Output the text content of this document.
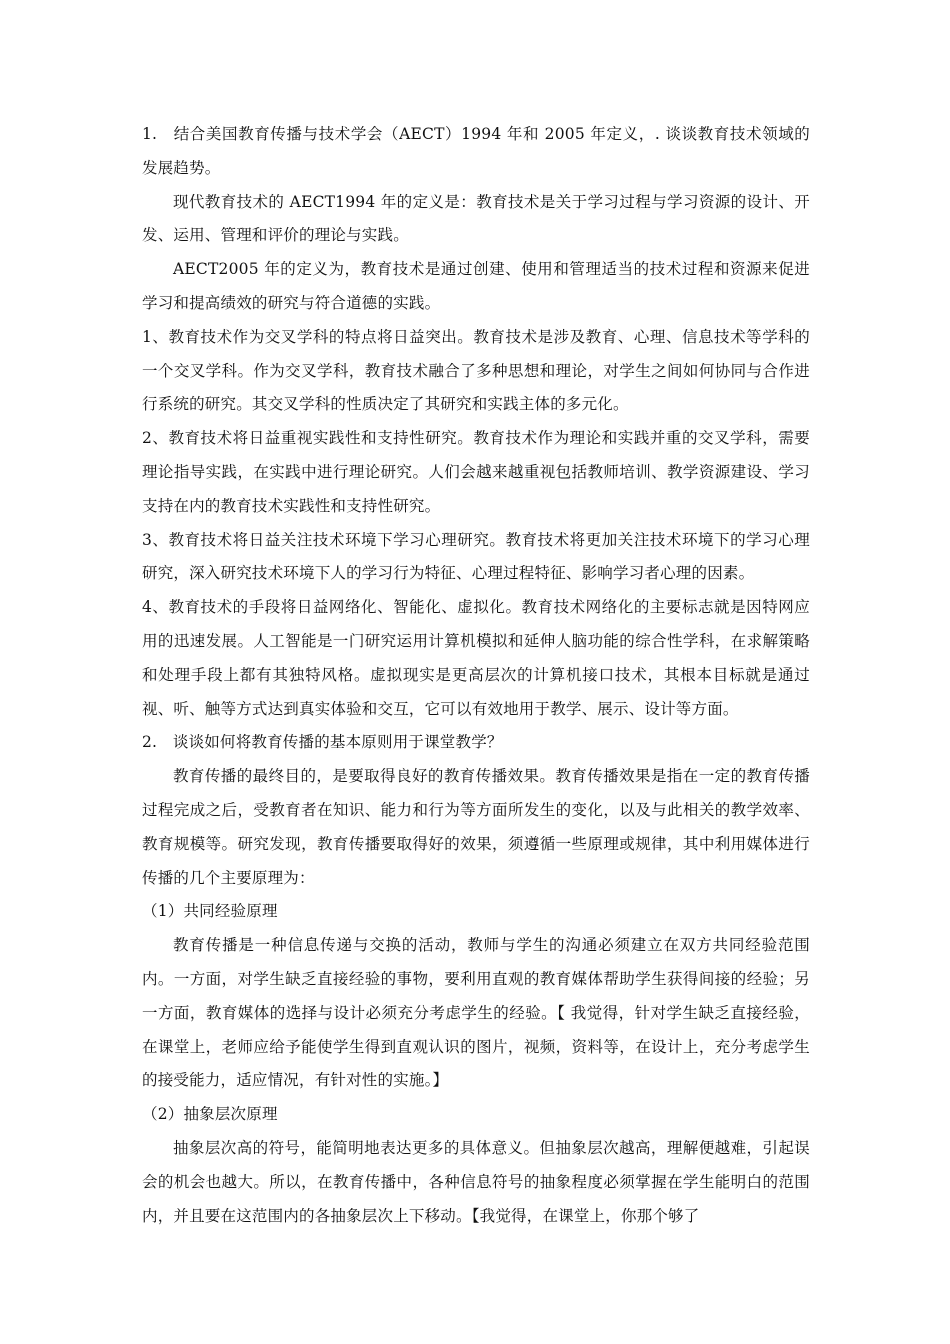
1.　结合美国教育传播与技术学会（AECT）1994 年和 2005 年定义，. 谈谈教育技术领域的发展趋势。

现代教育技术的 AECT1994 年的定义是：教育技术是关于学习过程与学习资源的设计、开发、运用、管理和评价的理论与实践。

AECT2005 年的定义为，教育技术是通过创建、使用和管理适当的技术过程和资源来促进学习和提高绩效的研究与符合道德的实践。

1、教育技术作为交叉学科的特点将日益突出。教育技术是涉及教育、心理、信息技术等学科的一个交叉学科。作为交叉学科，教育技术融合了多种思想和理论，对学生之间如何协同与合作进行系统的研究。其交叉学科的性质决定了其研究和实践主体的多元化。

2、教育技术将日益重视实践性和支持性研究。教育技术作为理论和实践并重的交叉学科，需要理论指导实践，在实践中进行理论研究。人们会越来越重视包括教师培训、教学资源建设、学习支持在内的教育技术实践性和支持性研究。

3、教育技术将日益关注技术环境下学习心理研究。教育技术将更加关注技术环境下的学习心理研究，深入研究技术环境下人的学习行为特征、心理过程特征、影响学习者心理的因素。

4、教育技术的手段将日益网络化、智能化、虚拟化。教育技术网络化的主要标志就是因特网应用的迅速发展。人工智能是一门研究运用计算机模拟和延伸人脑功能的综合性学科，在求解策略和处理手段上都有其独特风格。虚拟现实是更高层次的计算机接口技术，其根本目标就是通过视、听、触等方式达到真实体验和交互，它可以有效地用于教学、展示、设计等方面。

2.　谈谈如何将教育传播的基本原则用于课堂教学？

教育传播的最终目的，是要取得良好的教育传播效果。教育传播效果是指在一定的教育传播过程完成之后，受教育者在知识、能力和行为等方面所发生的变化，以及与此相关的教学效率、教育规模等。研究发现，教育传播要取得好的效果，须遵循一些原理或规律，其中利用媒体进行传播的几个主要原理为：

（1）共同经验原理

教育传播是一种信息传递与交换的活动，教师与学生的沟通必须建立在双方共同经验范围内。一方面，对学生缺乏直接经验的事物，要利用直观的教育媒体帮助学生获得间接的经验；另一方面，教育媒体的选择与设计必须充分考虑学生的经验。【 我觉得，针对学生缺乏直接经验，在课堂上，老师应给予能使学生得到直观认识的图片，视频，资料等，在设计上，充分考虑学生的接受能力，适应情况，有针对性的实施。】

（2）抽象层次原理

抽象层次高的符号，能简明地表达更多的具体意义。但抽象层次越高，理解便越难，引起误会的机会也越大。所以，在教育传播中，各种信息符号的抽象程度必须掌握在学生能明白的范围内，并且要在这范围内的各抽象层次上下移动。【我觉得，在课堂上，你那个够了
